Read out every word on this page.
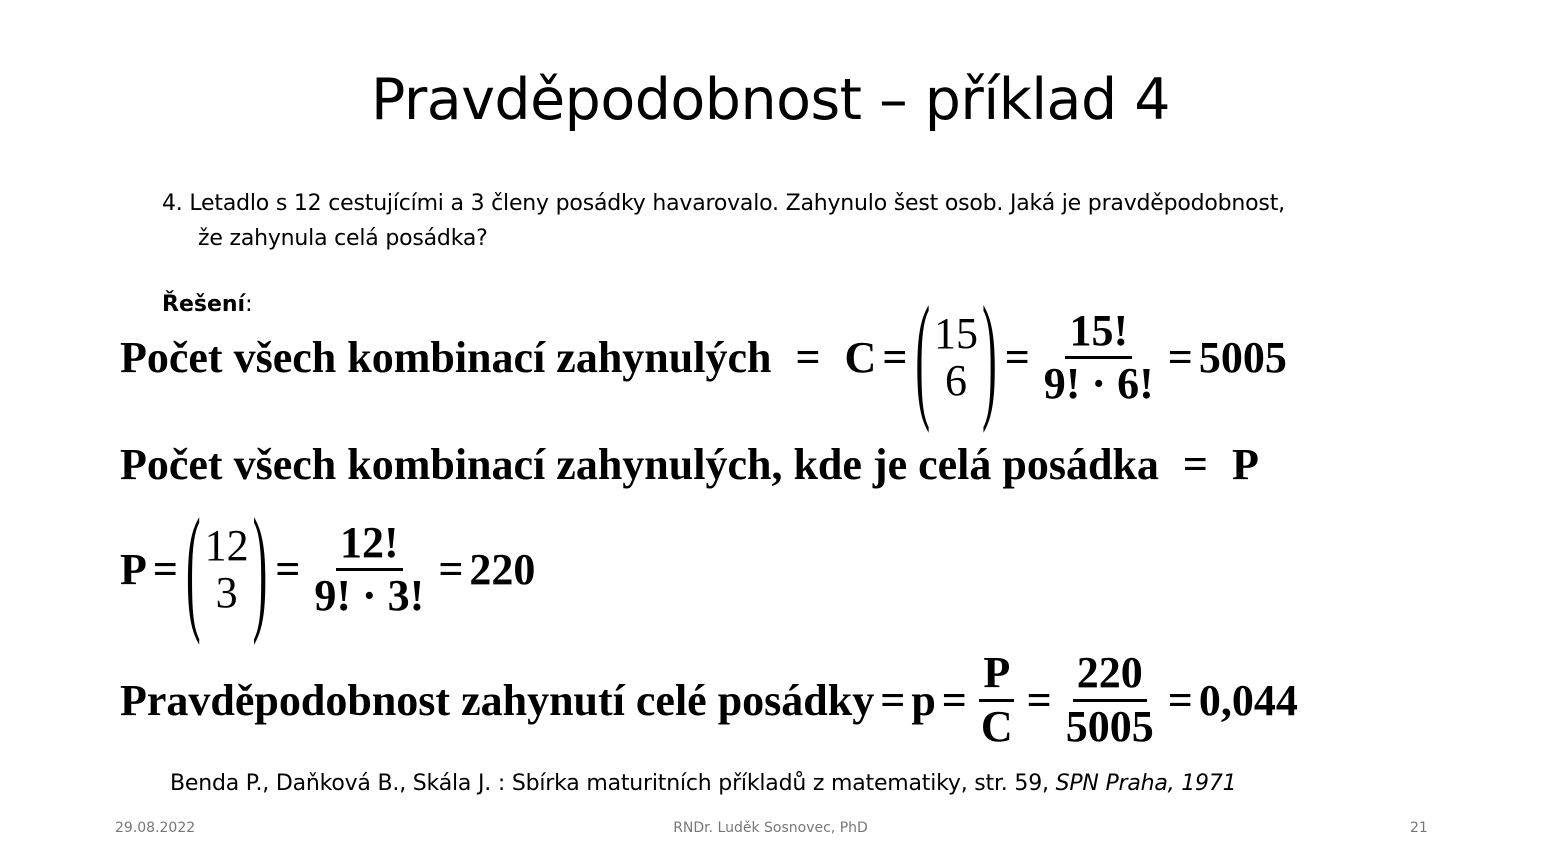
Pravděpodobnost – příklad 4
4. Letadlo s 12 cestujícími a 3 členy posádky havarovalo. Zahynulo šest osob. Jaká je pravděpodobnost,
že zahynula celá posádka?
Řešení:
Počet všech kombinací zahynulých = C = ( 15
6 ) = $\frac{15!}{9! \cdot 6!} = 5005$
Počet všech kombinací zahynulých, kde je celá posádka = P
P = ( 12
3 ) = $\frac{12!}{9! \cdot 3!} = 220$
Pravděpodobnost zahynutí celé posádky = $p = \frac{P}{C} = \frac{220}{5005} = 0,044$
Benda P., Daňková B., Skála J. : Sbírka maturitních příkladů z matematiky, str. 59, SPN Praha, 1971
29.08.2022	RNDr. Luděk Sosnovec, PhD	21
